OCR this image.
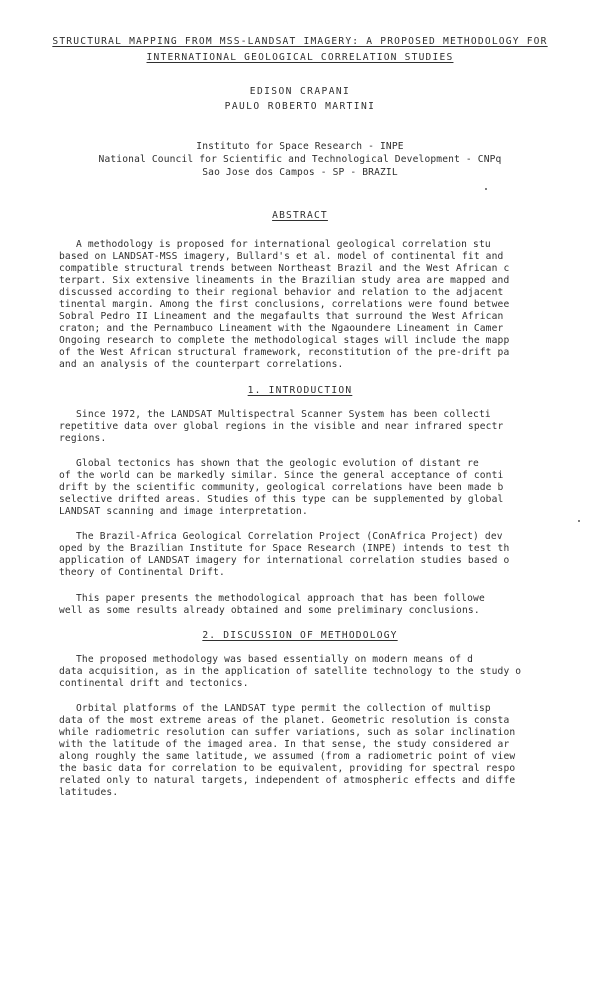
STRUCTURAL MAPPING FROM MSS-LANDSAT IMAGERY: A PROPOSED METHODOLOGY FOR
INTERNATIONAL GEOLOGICAL CORRELATION STUDIES
EDISON CRAPANI
PAULO ROBERTO MARTINI
Instituto for Space Research - INPE
National Council for Scientific and Technological Development - CNPq
Sao Jose dos Campos - SP - BRAZIL
ABSTRACT
A methodology is proposed for international geological correlation stu
based on LANDSAT-MSS imagery, Bullard's et al. model of continental fit and
compatible structural trends between Northeast Brazil and the West African c
terpart. Six extensive lineaments in the Brazilian study area are mapped and
discussed according to their regional behavior and relation to the adjacent
tinental margin. Among the first conclusions, correlations were found betwee
Sobral Pedro II Lineament and the megafaults that surround the West African
craton; and the Pernambuco Lineament with the Ngaoundere Lineament in Camer
Ongoing research to complete the methodological stages will include the mapp
of the West African structural framework, reconstitution of the pre-drift pa
and an analysis of the counterpart correlations.
1. INTRODUCTION
Since 1972, the LANDSAT Multispectral Scanner System has been collecti
repetitive data over global regions in the visible and near infrared spectr
regions.
Global tectonics has shown that the geologic evolution of distant re
of the world can be markedly similar. Since the general acceptance of conti
drift by the scientific community, geological correlations have been made b
selective drifted areas. Studies of this type can be supplemented by global
LANDSAT scanning and image interpretation.
The Brazil-Africa Geological Correlation Project (ConAfrica Project) dev
oped by the Brazilian Institute for Space Research (INPE) intends to test th
application of LANDSAT imagery for international correlation studies based o
theory of Continental Drift.
This paper presents the methodological approach that has been followe
well as some results already obtained and some preliminary conclusions.
2. DISCUSSION OF METHODOLOGY
The proposed methodology was based essentially on modern means of d
data acquisition, as in the application of satellite technology to the study o
continental drift and tectonics.
Orbital platforms of the LANDSAT type permit the collection of multisp
data of the most extreme areas of the planet. Geometric resolution is consta
while radiometric resolution can suffer variations, such as solar inclination
with the latitude of the imaged area. In that sense, the study considered ar
along roughly the same latitude, we assumed (from a radiometric point of view
the basic data for correlation to be equivalent, providing for spectral respo
related only to natural targets, independent of atmospheric effects and diffe
latitudes.
